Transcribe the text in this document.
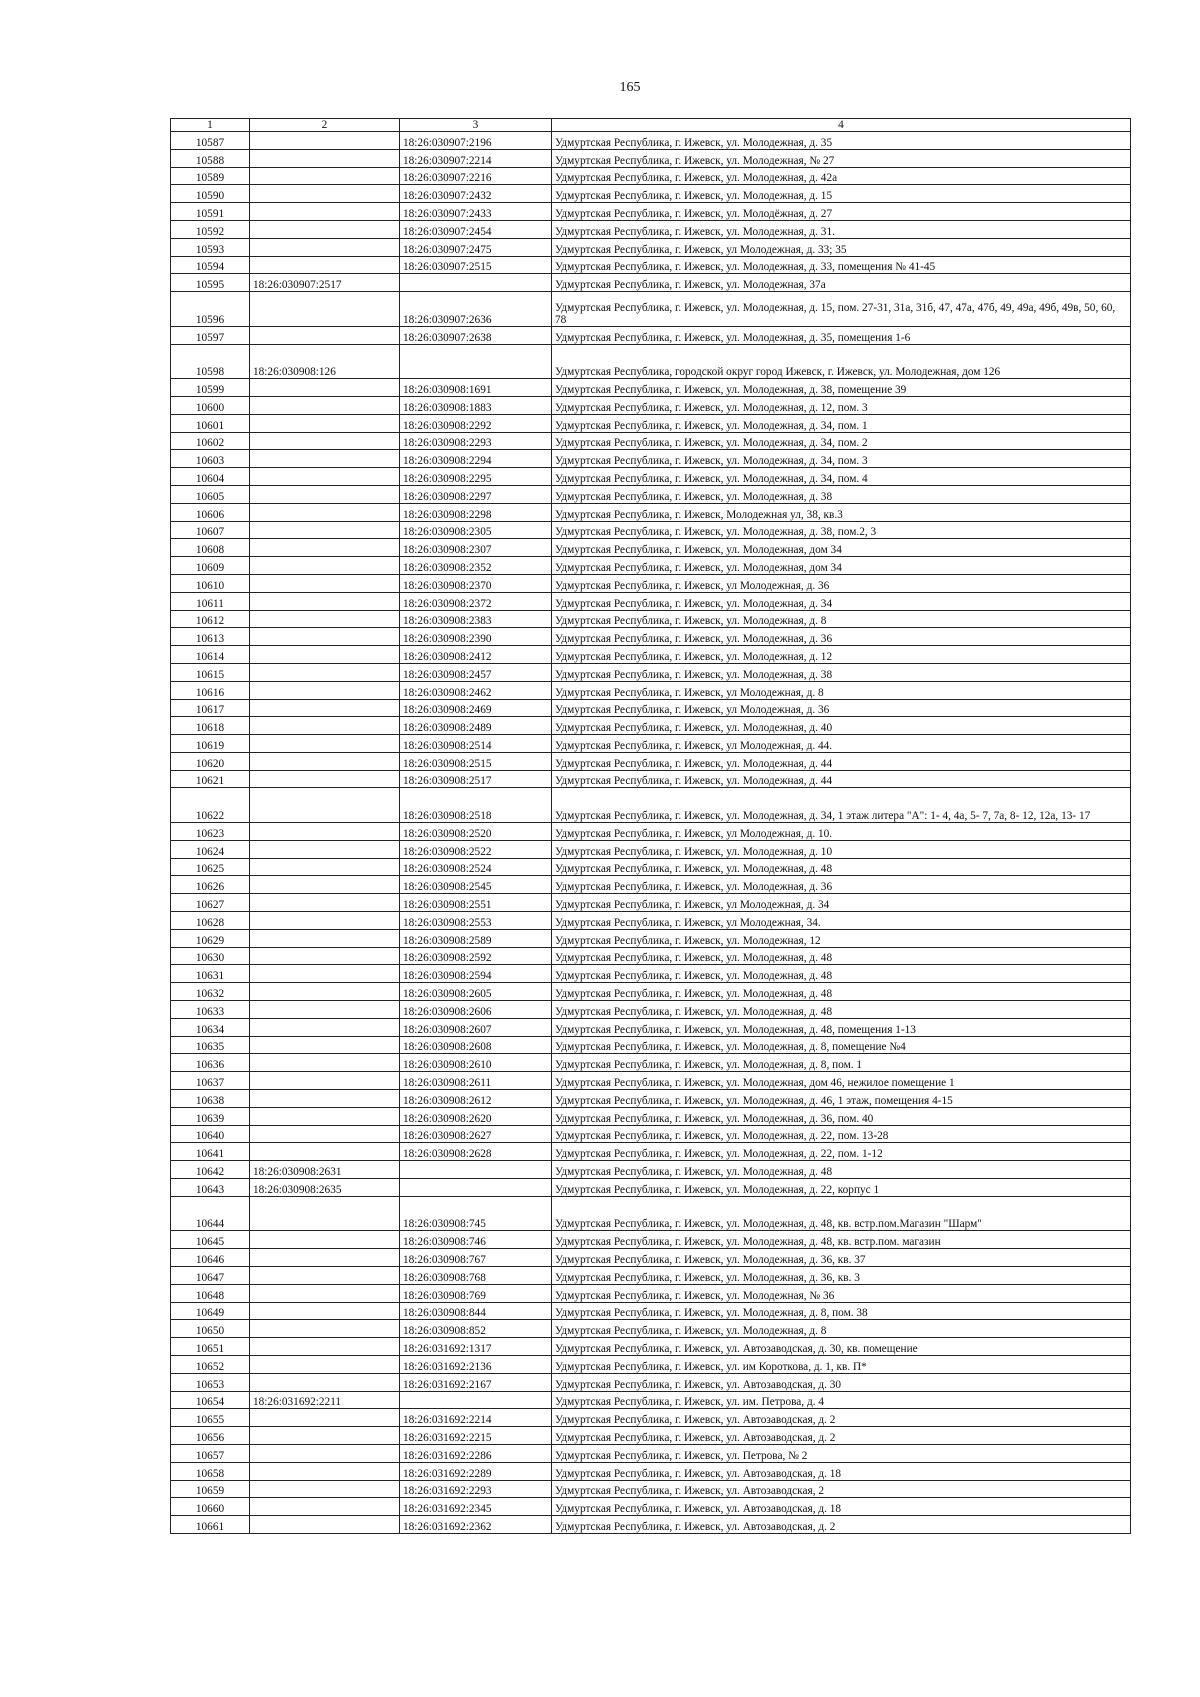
165
1	2	3	4
10587		18:26:030907:2196	Удмуртская Республика, г. Ижевск, ул. Молодежная, д. 35
10588		18:26:030907:2214	Удмуртская Республика, г. Ижевск, ул. Молодежная, № 27
10589		18:26:030907:2216	Удмуртская Республика, г. Ижевск, ул. Молодежная, д. 42а
10590		18:26:030907:2432	Удмуртская Республика, г. Ижевск, ул. Молодежная, д. 15
10591		18:26:030907:2433	Удмуртская Республика, г. Ижевск, ул. Молодёжная, д. 27
10592		18:26:030907:2454	Удмуртская Республика, г. Ижевск, ул. Молодежная, д. 31.
10593		18:26:030907:2475	Удмуртская Республика, г. Ижевск, ул Молодежная, д. 33; 35
10594		18:26:030907:2515	Удмуртская Республика, г. Ижевск, ул. Молодежная, д. 33, помещения № 41-45
10595	18:26:030907:2517		Удмуртская Республика, г. Ижевск, ул. Молодежная, 37а
10596		18:26:030907:2636	Удмуртская Республика, г. Ижевск, ул. Молодежная, д. 15, пом. 27-31, 31а, 31б, 47, 47а, 47б, 49, 49а, 49б, 49в, 50, 60, 78
10597		18:26:030907:2638	Удмуртская Республика, г. Ижевск, ул. Молодежная, д. 35, помещения 1-6
10598	18:26:030908:126		Удмуртская Республика, городской округ город Ижевск, г. Ижевск, ул. Молодежная, дом 126
10599		18:26:030908:1691	Удмуртская Республика, г. Ижевск, ул. Молодежная, д. 38, помещение 39
10600		18:26:030908:1883	Удмуртская Республика, г. Ижевск, ул. Молодежная, д. 12, пом. 3
10601		18:26:030908:2292	Удмуртская Республика, г. Ижевск, ул. Молодежная, д. 34, пом. 1
10602		18:26:030908:2293	Удмуртская Республика, г. Ижевск, ул. Молодежная, д. 34, пом. 2
10603		18:26:030908:2294	Удмуртская Республика, г. Ижевск, ул. Молодежная, д. 34, пом. 3
10604		18:26:030908:2295	Удмуртская Республика, г. Ижевск, ул. Молодежная, д. 34, пом. 4
10605		18:26:030908:2297	Удмуртская Республика, г. Ижевск, ул. Молодежная, д. 38
10606		18:26:030908:2298	Удмуртская Республика, г. Ижевск, Молодежная ул, 38, кв.3
10607		18:26:030908:2305	Удмуртская Республика, г. Ижевск, ул. Молодежная, д. 38, пом.2, 3
10608		18:26:030908:2307	Удмуртская Республика, г. Ижевск, ул. Молодежная, дом 34
10609		18:26:030908:2352	Удмуртская Республика, г. Ижевск, ул. Молодежная, дом 34
10610		18:26:030908:2370	Удмуртская Республика, г. Ижевск, ул Молодежная, д. 36
10611		18:26:030908:2372	Удмуртская Республика, г. Ижевск, ул. Молодежная, д. 34
10612		18:26:030908:2383	Удмуртская Республика, г. Ижевск, ул. Молодежная, д. 8
10613		18:26:030908:2390	Удмуртская Республика, г. Ижевск, ул. Молодежная, д. 36
10614		18:26:030908:2412	Удмуртская Республика, г. Ижевск, ул. Молодежная, д. 12
10615		18:26:030908:2457	Удмуртская Республика, г. Ижевск, ул. Молодежная, д. 38
10616		18:26:030908:2462	Удмуртская Республика, г. Ижевск, ул Молодежная, д. 8
10617		18:26:030908:2469	Удмуртская Республика, г. Ижевск, ул Молодежная, д. 36
10618		18:26:030908:2489	Удмуртская Республика, г. Ижевск, ул. Молодежная, д. 40
10619		18:26:030908:2514	Удмуртская Республика, г. Ижевск, ул Молодежная, д. 44.
10620		18:26:030908:2515	Удмуртская Республика, г. Ижевск, ул. Молодежная, д. 44
10621		18:26:030908:2517	Удмуртская Республика, г. Ижевск, ул. Молодежная, д. 44
10622		18:26:030908:2518	Удмуртская Республика, г. Ижевск, ул. Молодежная, д. 34, 1 этаж литера "А": 1- 4, 4а, 5- 7, 7а, 8- 12, 12а, 13- 17
10623		18:26:030908:2520	Удмуртская Республика, г. Ижевск, ул Молодежная, д. 10.
10624		18:26:030908:2522	Удмуртская Республика, г. Ижевск, ул. Молодежная, д. 10
10625		18:26:030908:2524	Удмуртская Республика, г. Ижевск, ул. Молодежная, д. 48
10626		18:26:030908:2545	Удмуртская Республика, г. Ижевск, ул. Молодежная, д. 36
10627		18:26:030908:2551	Удмуртская Республика, г. Ижевск, ул Молодежная, д. 34
10628		18:26:030908:2553	Удмуртская Республика, г. Ижевск, ул Молодежная, 34.
10629		18:26:030908:2589	Удмуртская Республика, г. Ижевск, ул. Молодежная, 12
10630		18:26:030908:2592	Удмуртская Республика, г. Ижевск, ул. Молодежная, д. 48
10631		18:26:030908:2594	Удмуртская Республика, г. Ижевск, ул. Молодежная, д. 48
10632		18:26:030908:2605	Удмуртская Республика, г. Ижевск, ул. Молодежная, д. 48
10633		18:26:030908:2606	Удмуртская Республика, г. Ижевск, ул. Молодежная, д. 48
10634		18:26:030908:2607	Удмуртская Республика, г. Ижевск, ул. Молодежная, д. 48, помещения 1-13
10635		18:26:030908:2608	Удмуртская Республика, г. Ижевск, ул. Молодежная, д. 8, помещение №4
10636		18:26:030908:2610	Удмуртская Республика, г. Ижевск, ул. Молодежная, д. 8, пом. 1
10637		18:26:030908:2611	Удмуртская Республика, г. Ижевск, ул. Молодежная, дом 46, нежилое помещение 1
10638		18:26:030908:2612	Удмуртская Республика, г. Ижевск, ул. Молодежная, д. 46, 1 этаж, помещения 4-15
10639		18:26:030908:2620	Удмуртская Республика, г. Ижевск, ул. Молодежная, д. 36, пом. 40
10640		18:26:030908:2627	Удмуртская Республика, г. Ижевск, ул. Молодежная, д. 22, пом. 13-28
10641		18:26:030908:2628	Удмуртская Республика, г. Ижевск, ул. Молодежная, д. 22, пом. 1-12
10642	18:26:030908:2631		Удмуртская Республика, г. Ижевск, ул. Молодежная, д. 48
10643	18:26:030908:2635		Удмуртская Республика, г. Ижевск, ул. Молодежная, д. 22, корпус 1
10644		18:26:030908:745	Удмуртская Республика, г. Ижевск, ул. Молодежная, д. 48, кв. встр.пом.Магазин "Шарм"
10645		18:26:030908:746	Удмуртская Республика, г. Ижевск, ул. Молодежная, д. 48, кв. встр.пом. магазин
10646		18:26:030908:767	Удмуртская Республика, г. Ижевск, ул. Молодежная, д. 36, кв. 37
10647		18:26:030908:768	Удмуртская Республика, г. Ижевск, ул. Молодежная, д. 36, кв. 3
10648		18:26:030908:769	Удмуртская Республика, г. Ижевск, ул. Молодежная, № 36
10649		18:26:030908:844	Удмуртская Республика, г. Ижевск, ул. Молодежная, д. 8, пом. 38
10650		18:26:030908:852	Удмуртская Республика, г. Ижевск, ул. Молодежная, д. 8
10651		18:26:031692:1317	Удмуртская Республика, г. Ижевск, ул. Автозаводская, д. 30, кв. помещение
10652		18:26:031692:2136	Удмуртская Республика, г. Ижевск, ул. им Короткова, д. 1, кв. П*
10653		18:26:031692:2167	Удмуртская Республика, г. Ижевск, ул. Автозаводская, д. 30
10654	18:26:031692:2211		Удмуртская Республика, г. Ижевск, ул. им. Петрова, д. 4
10655		18:26:031692:2214	Удмуртская Республика, г. Ижевск, ул. Автозаводская, д. 2
10656		18:26:031692:2215	Удмуртская Республика, г. Ижевск, ул. Автозаводская, д. 2
10657		18:26:031692:2286	Удмуртская Республика, г. Ижевск, ул. Петрова, № 2
10658		18:26:031692:2289	Удмуртская Республика, г. Ижевск, ул. Автозаводская, д. 18
10659		18:26:031692:2293	Удмуртская Республика, г. Ижевск, ул. Автозаводская, 2
10660		18:26:031692:2345	Удмуртская Республика, г. Ижевск, ул. Автозаводская, д. 18
10661		18:26:031692:2362	Удмуртская Республика, г. Ижевск, ул. Автозаводская, д. 2
